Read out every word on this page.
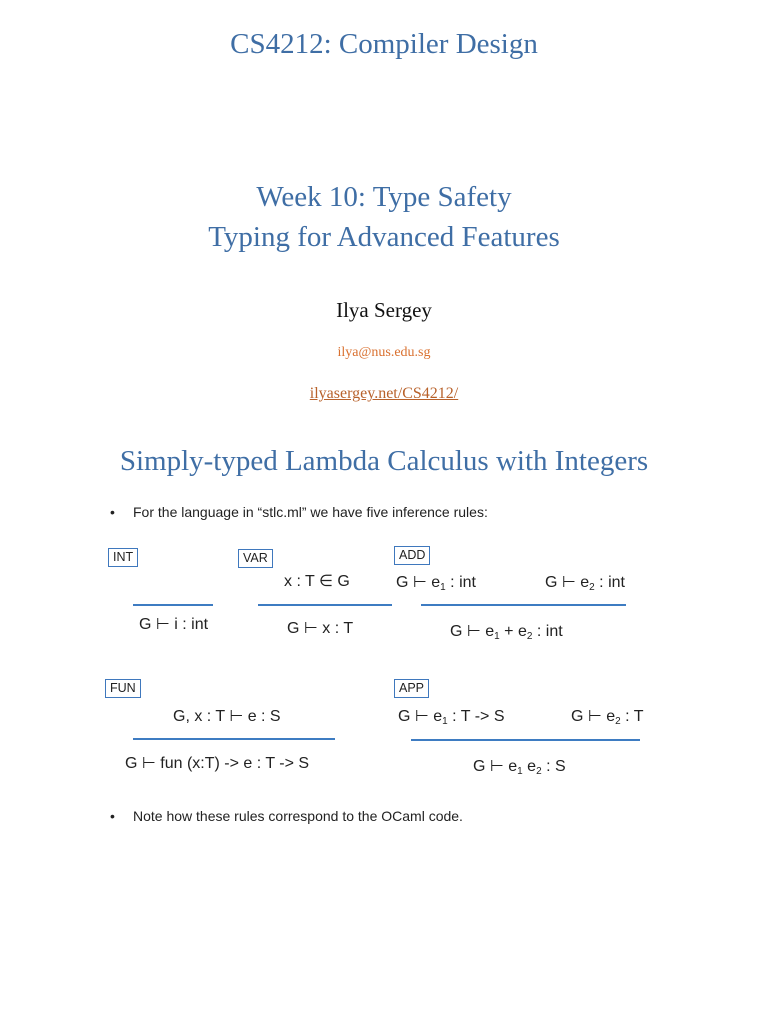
CS4212: Compiler Design
Week 10: Type Safety
Typing for Advanced Features
Ilya Sergey
ilya@nus.edu.sg
ilyasergey.net/CS4212/
Simply-typed Lambda Calculus with Integers
• For the language in “stlc.ml” we have five inference rules:
INT
G ⊢ i : int
VAR
x : T ∈ G
G ⊢ x : T
ADD
G ⊢ $e_1$ : int	G ⊢ $e_2$ : int
G ⊢ $e_1 + e_2$ : int
FUN
G, x : T ⊢ e : S
G ⊢ fun (x:T) -> e : T -> S
APP
G ⊢ $e_1$ : T -> S	G ⊢ $e_2$ : T
G ⊢ $e_1$ $e_2$ : S
• Note how these rules correspond to the OCaml code.
